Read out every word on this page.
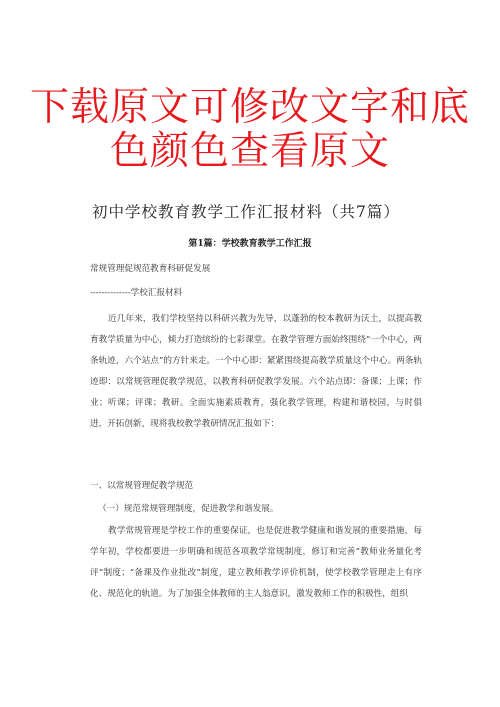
下载原文可修改文字和底
色颜色查看原文
初中学校教育教学工作汇报材料（共7篇）
第1篇：学校教育教学工作汇报
常规管理促规范教育科研促发展
--------------学校汇报材料
近几年来，我们学校坚持以科研兴教为先导，以蓬勃的校本教研为沃土，以提高教育教学质量为中心，倾力打造缤纷的七彩课堂。在教学管理方面始终围绕“一个中心，两条轨迹，六个站点”的方针来走。一个中心即：紧紧围绕提高教学质量这个中心。两条轨迹即：以常规管理促教学规范，以教育科研促教学发展。六个站点即：备课；上课；作业；听课；评课；教研。全面实施素质教育，强化教学管理，构建和谐校园，与时俱进，开拓创新，现将我校教学教研情况汇报如下：
一、以常规管理促教学规范
（一）规范常规管理制度，促进教学和谐发展。
教学常规管理是学校工作的重要保证，也是促进教学健康和谐发展的重要措施，每学年初，学校都要进一步明确和规范各项教学常规制度，修订和完善“教师业务量化考评”制度；“备课及作业批改”制度，建立教师教学评价机制，使学校教学管理走上有序化、规范化的轨道。为了加强全体教师的主人翁意识，激发教师工作的积极性，组织
